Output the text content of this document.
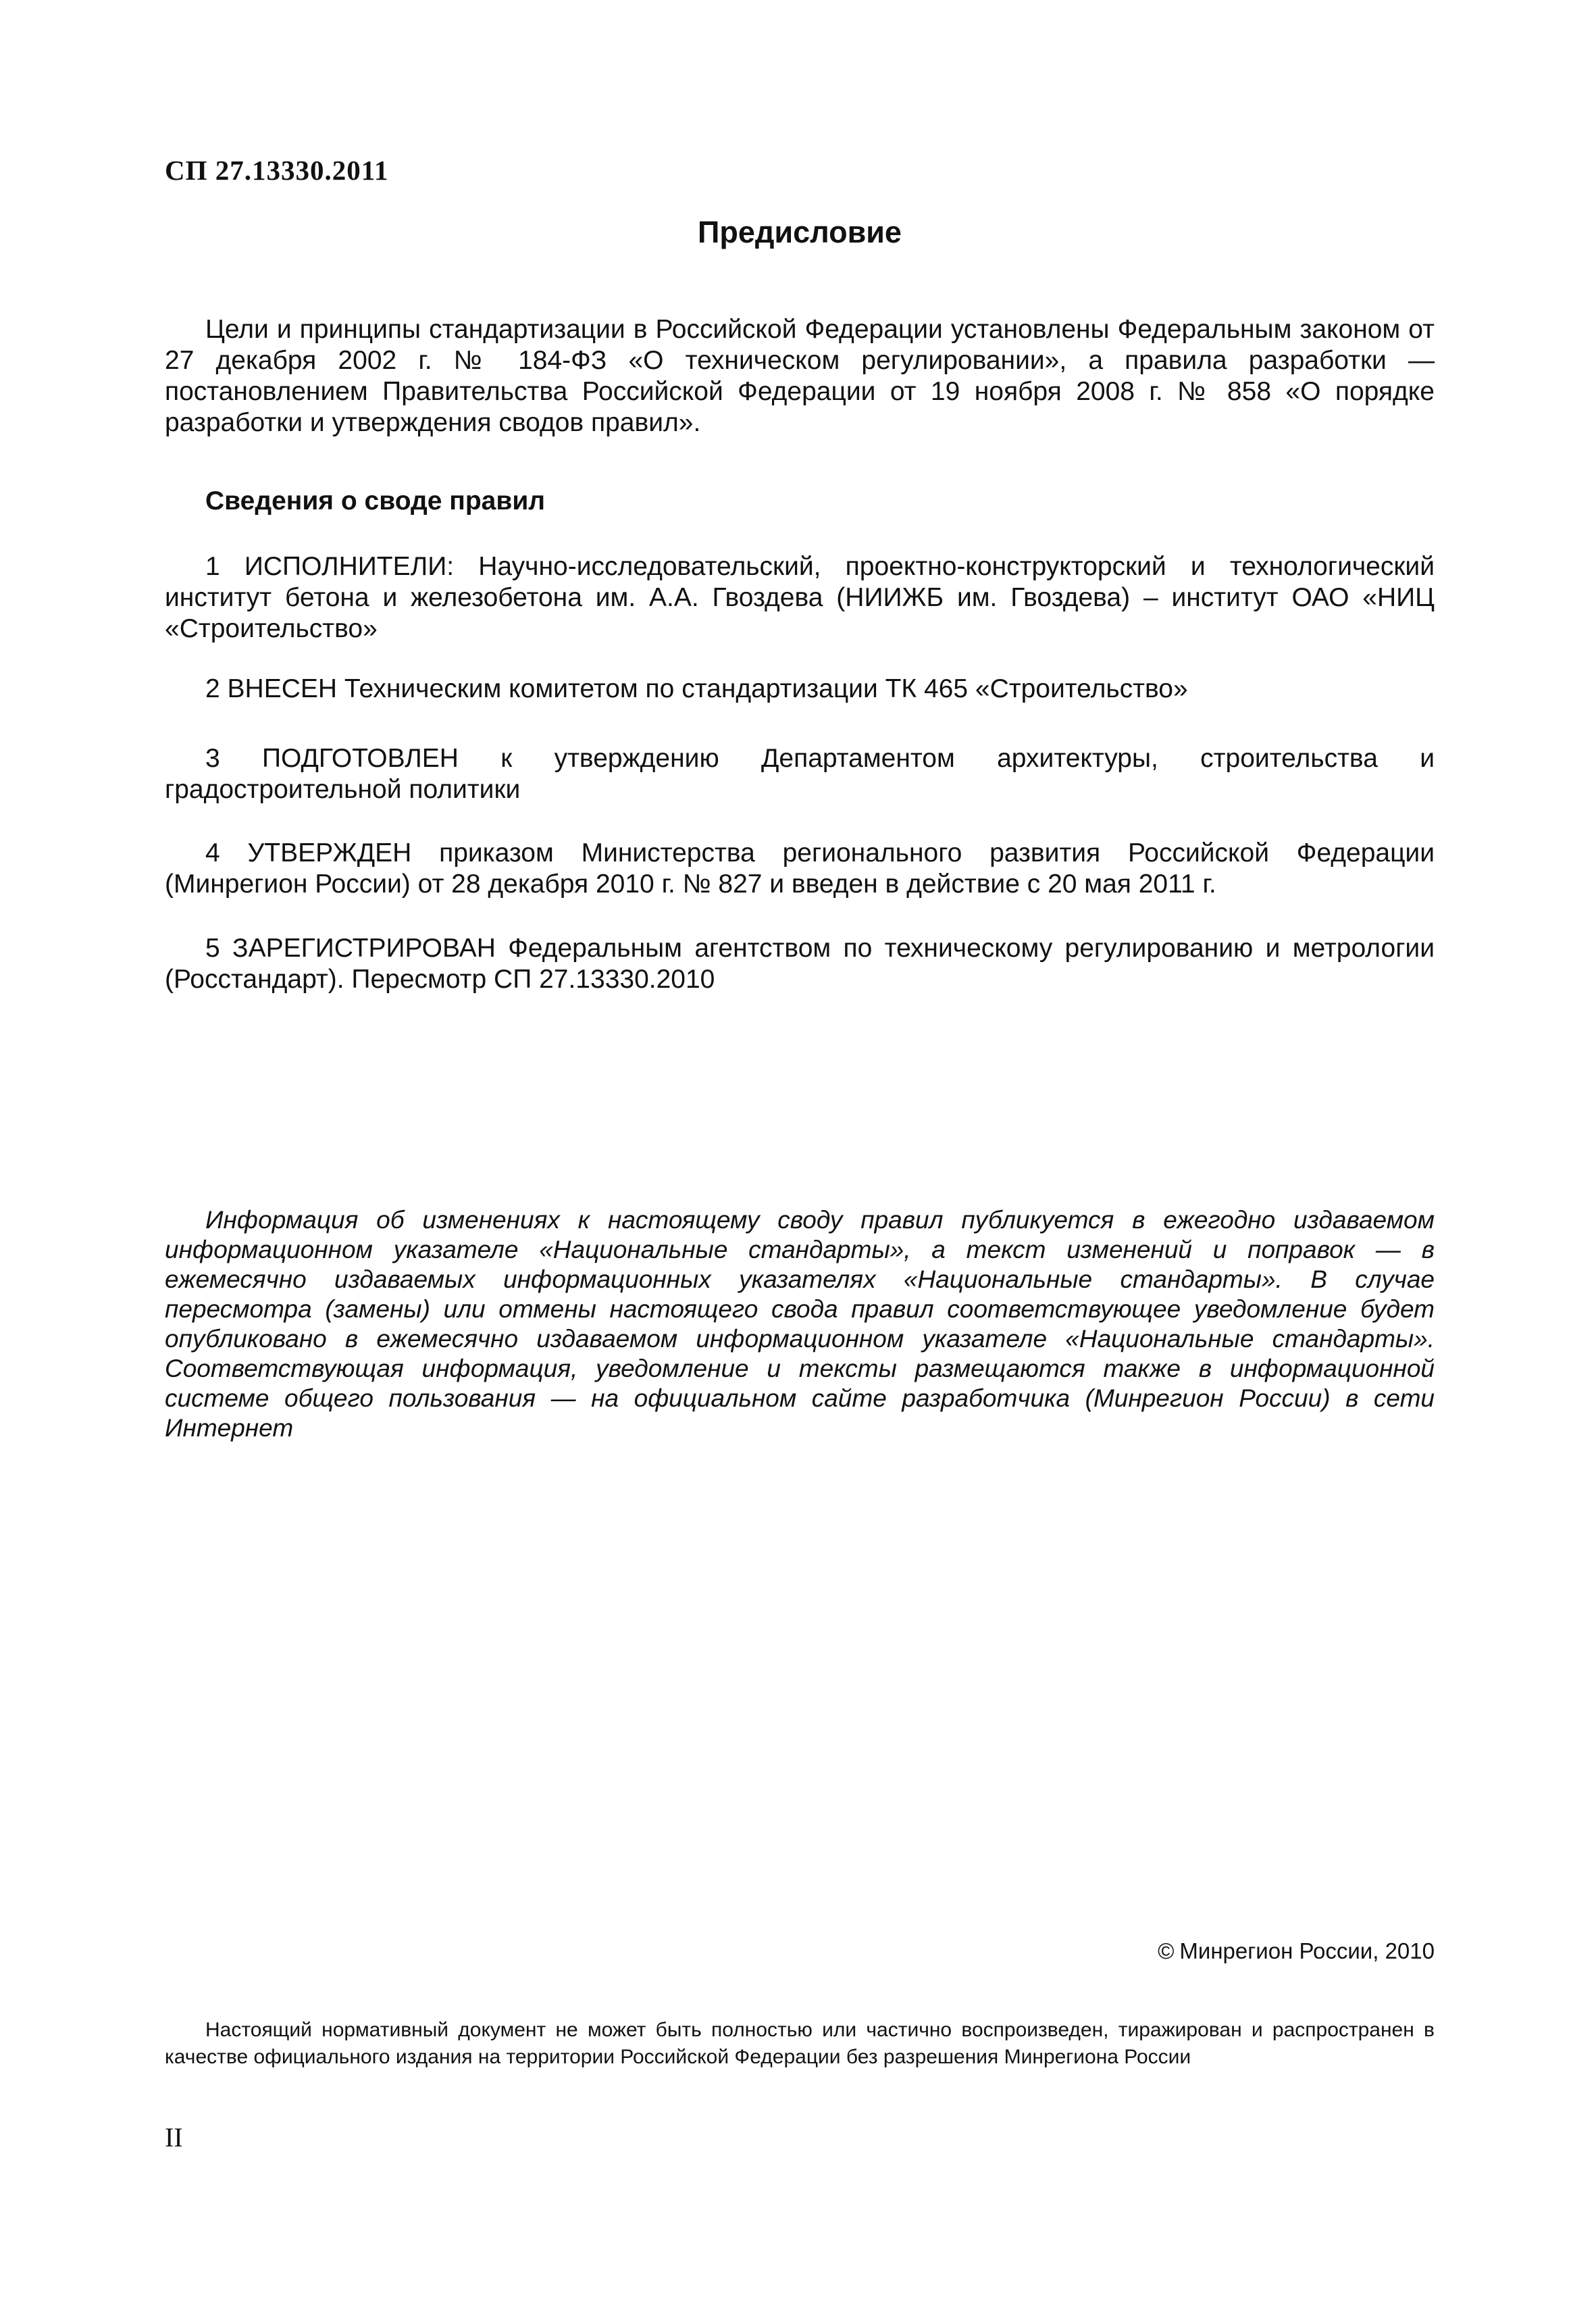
СП 27.13330.2011
Предисловие
Цели и принципы стандартизации в Российской Федерации установлены Федеральным законом от 27 декабря 2002 г. № 184-ФЗ «О техническом регулировании», а правила разработки — постановлением Правительства Российской Федерации от 19 ноября 2008 г. № 858 «О порядке разработки и утверждения сводов правил».
Сведения о своде правил
1 ИСПОЛНИТЕЛИ: Научно-исследовательский, проектно-конструкторский и технологический институт бетона и железобетона им. А.А. Гвоздева (НИИЖБ им. Гвоздева) – институт ОАО «НИЦ «Строительство»
2 ВНЕСЕН Техническим комитетом по стандартизации ТК 465 «Строительство»
3 ПОДГОТОВЛЕН к утверждению Департаментом архитектуры, строительства и
градостроительной политики
4 УТВЕРЖДЕН приказом Министерства регионального развития Российской Федерации (Минрегион России) от 28 декабря 2010 г. № 827 и введен в действие с 20 мая 2011 г.
5 ЗАРЕГИСТРИРОВАН Федеральным агентством по техническому регулированию и метрологии (Росстандарт). Пересмотр СП 27.13330.2010
Информация об изменениях к настоящему своду правил публикуется в ежегодно издаваемом информационном указателе «Национальные стандарты», а текст изменений и поправок — в ежемесячно издаваемых информационных указателях «Национальные стандарты». В случае пересмотра (замены) или отмены настоящего свода правил соответствующее уведомление будет опубликовано в ежемесячно издаваемом информационном указателе «Национальные стандарты». Соответствующая информация, уведомление и тексты размещаются также в информационной системе общего пользования — на официальном сайте разработчика (Минрегион России) в сети Интернет
© Минрегион России, 2010
Настоящий нормативный документ не может быть полностью или частично воспроизведен, тиражирован и распространен в качестве официального издания на территории Российской Федерации без разрешения Минрегиона России
II
